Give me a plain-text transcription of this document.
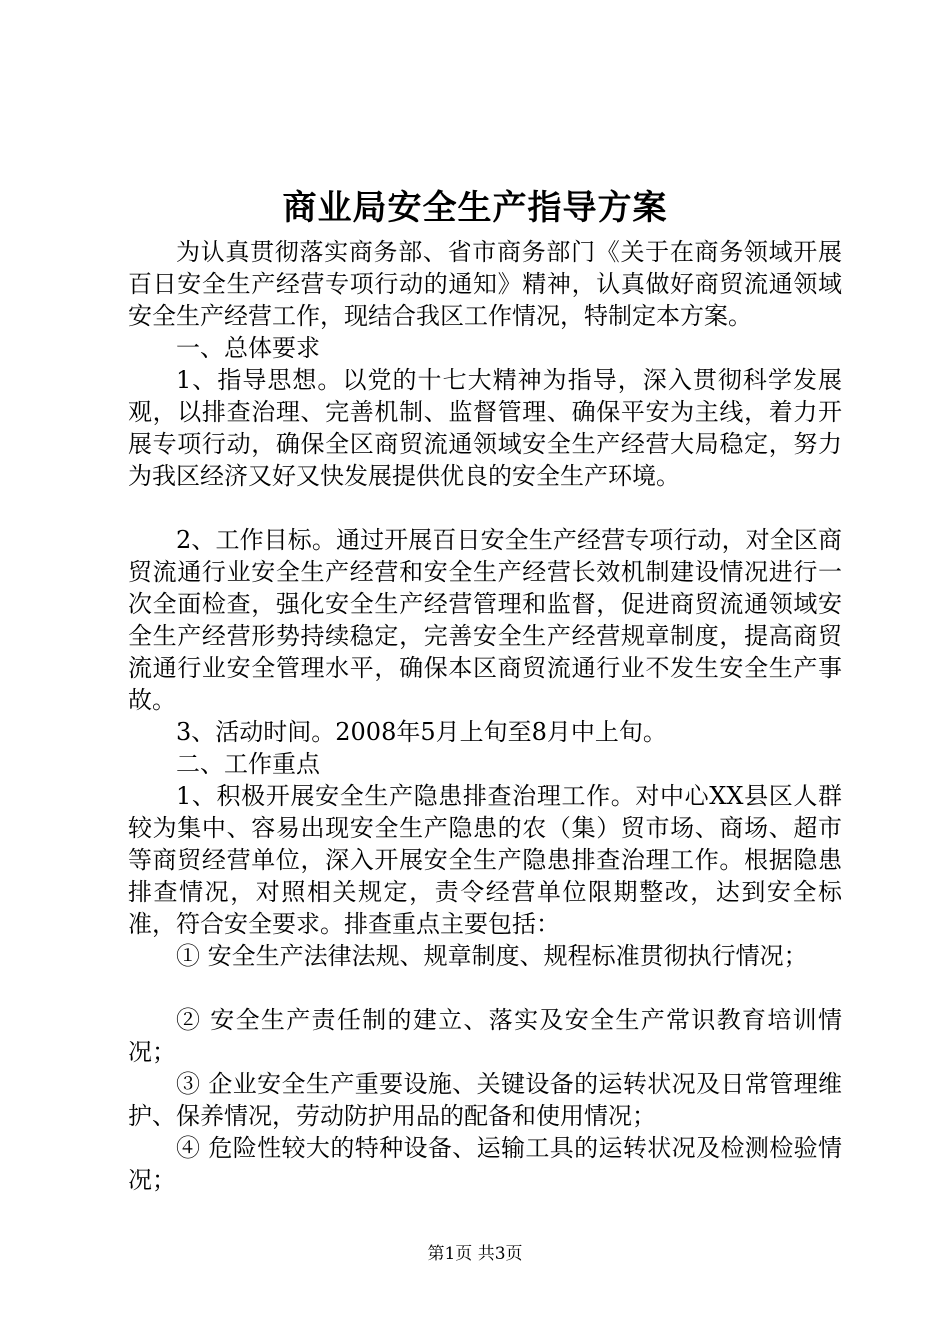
商业局安全生产指导方案

为认真贯彻落实商务部、省市商务部门《关于在商务领域开展百日安全生产经营专项行动的通知》精神，认真做好商贸流通领域安全生产经营工作，现结合我区工作情况，特制定本方案。

一、总体要求

1、指导思想。以党的十七大精神为指导，深入贯彻科学发展观，以排查治理、完善机制、监督管理、确保平安为主线，着力开展专项行动，确保全区商贸流通领域安全生产经营大局稳定，努力为我区经济又好又快发展提供优良的安全生产环境。

2、工作目标。通过开展百日安全生产经营专项行动，对全区商贸流通行业安全生产经营和安全生产经营长效机制建设情况进行一次全面检查，强化安全生产经营管理和监督，促进商贸流通领域安全生产经营形势持续稳定，完善安全生产经营规章制度，提高商贸流通行业安全管理水平，确保本区商贸流通行业不发生安全生产事故。

3、活动时间。2008年5月上旬至8月中上旬。

二、工作重点

1、积极开展安全生产隐患排查治理工作。对中心XX县区人群较为集中、容易出现安全生产隐患的农（集）贸市场、商场、超市等商贸经营单位，深入开展安全生产隐患排查治理工作。根据隐患排查情况，对照相关规定，责令经营单位限期整改，达到安全标准，符合安全要求。排查重点主要包括：

① 安全生产法律法规、规章制度、规程标准贯彻执行情况；

② 安全生产责任制的建立、落实及安全生产常识教育培训情况；

③ 企业安全生产重要设施、关键设备的运转状况及日常管理维护、保养情况，劳动防护用品的配备和使用情况；

④ 危险性较大的特种设备、运输工具的运转状况及检测检验情况；

第1页 共3页
